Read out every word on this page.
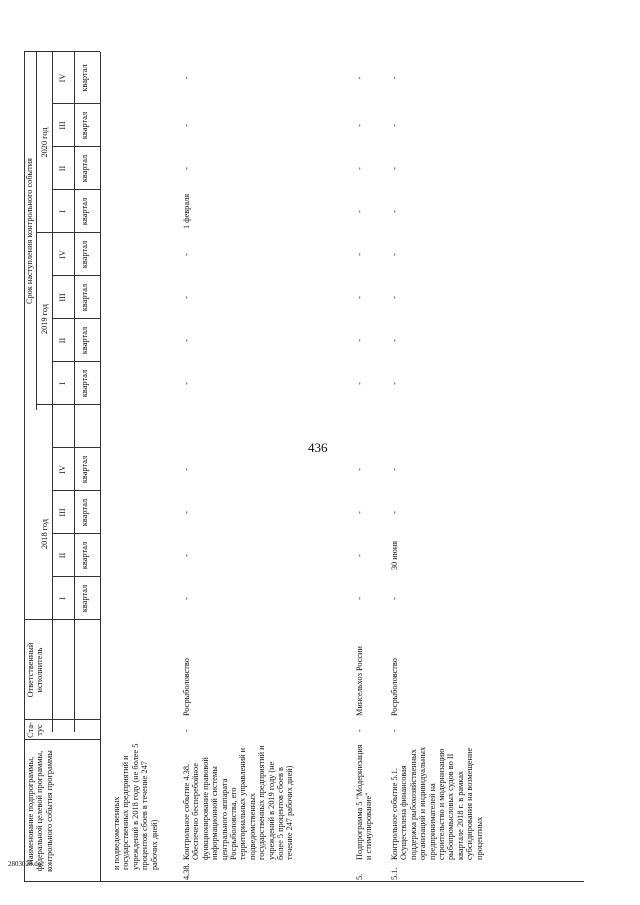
436
2803028.doc
Наименование подпрограммы, федеральной целевой программы, контрольного события программы
Ста-тус
Ответственный исполнитель
Срок наступления контрольного события
2018 год
2019 год
2020 год
I квартал
II квартал
III квартал
IV квартал
I квартал
II квартал
III квартал
IV квартал
I квартал
II квартал
III квартал
IV квартал
и подведомственных государственных предприятий и учреждений в 2018 году (не более 5 процентов сбоев в течение 247 рабочих дней)
4.38.
Контрольное событие 4.38. Обеспечено бесперебойное функционирование правовой информационной системы центрального аппарата Росрыболовства, его территориальных управлений и подведомственных государственных предприятий и учреждений в 2019 году (не более 5 процентов сбоев в течение 247 рабочих дней)
-
Росрыболовство
-
-
-
-
-
-
-
-
1 февраля
-
-
-
5.
Подпрограмма 5 "Модернизация и стимулирование"
-
Минсельхоз России
-
-
-
-
-
-
-
-
-
-
-
-
5.1.
Контрольное событие 5.1. Осуществлена финансовая поддержка рыбохозяйственных организаций и индивидуальных предпринимателей на строительство и модернизацию рыбопромысловых судов во II квартале 2018 г. в рамках субсидирования на возмещение процентных
-
Росрыболовство
-
30 июня
-
-
-
-
-
-
-
-
-
-
